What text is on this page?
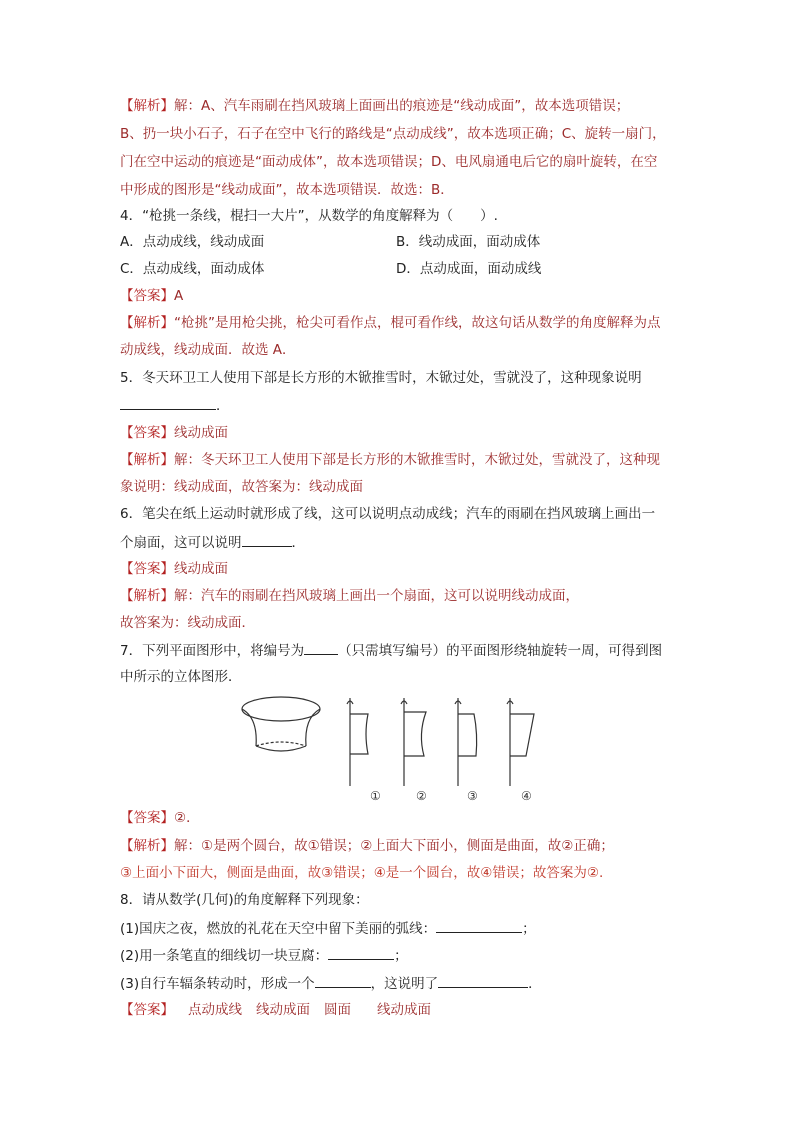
【解析】解：A、汽车雨刷在挡风玻璃上面画出的痕迹是“线动成面”，故本选项错误；
B、扔一块小石子，石子在空中飞行的路线是“点动成线”，故本选项正确；C、旋转一扇门，
门在空中运动的痕迹是“面动成体”，故本选项错误；D、电风扇通电后它的扇叶旋转，在空
中形成的图形是“线动成面”，故本选项错误．故选：B．
4．“枪挑一条线，棍扫一大片”，从数学的角度解释为（　　）.
A．点动成线，线动成面	B．线动成面，面动成体
C．点动成线，面动成体	D．点动成面，面动成线
【答案】A
【解析】“枪挑”是用枪尖挑，枪尖可看作点，棍可看作线，故这句话从数学的角度解释为点
动成线，线动成面．故选 A．
5．冬天环卫工人使用下部是长方形的木锨推雪时，木锨过处，雪就没了，这种现象说明
．
【答案】线动成面
【解析】解：冬天环卫工人使用下部是长方形的木锨推雪时，木锨过处，雪就没了，这种现
象说明：线动成面，故答案为：线动成面
6．笔尖在纸上运动时就形成了线，这可以说明点动成线；汽车的雨刷在挡风玻璃上画出一
个扇面，这可以说明	．
【答案】线动成面
【解析】解：汽车的雨刷在挡风玻璃上画出一个扇面，这可以说明线动成面，
故答案为：线动成面．
7．下列平面图形中，将编号为	（只需填写编号）的平面图形绕轴旋转一周，可得到图
中所示的立体图形．
①	②	③	④
【答案】②．
【解析】解：①是两个圆台，故①错误；②上面大下面小，侧面是曲面，故②正确；
③上面小下面大，侧面是曲面，故③错误；④是一个圆台，故④错误；故答案为②.
8．请从数学(几何)的角度解释下列现象：
(1)国庆之夜，燃放的礼花在天空中留下美丽的弧线：	；
(2)用一条笔直的细线切一块豆腐：	；
(3)自行车辐条转动时，形成一个	，这说明了	．
【答案】 点动成线 线动成面 圆面 线动成面
